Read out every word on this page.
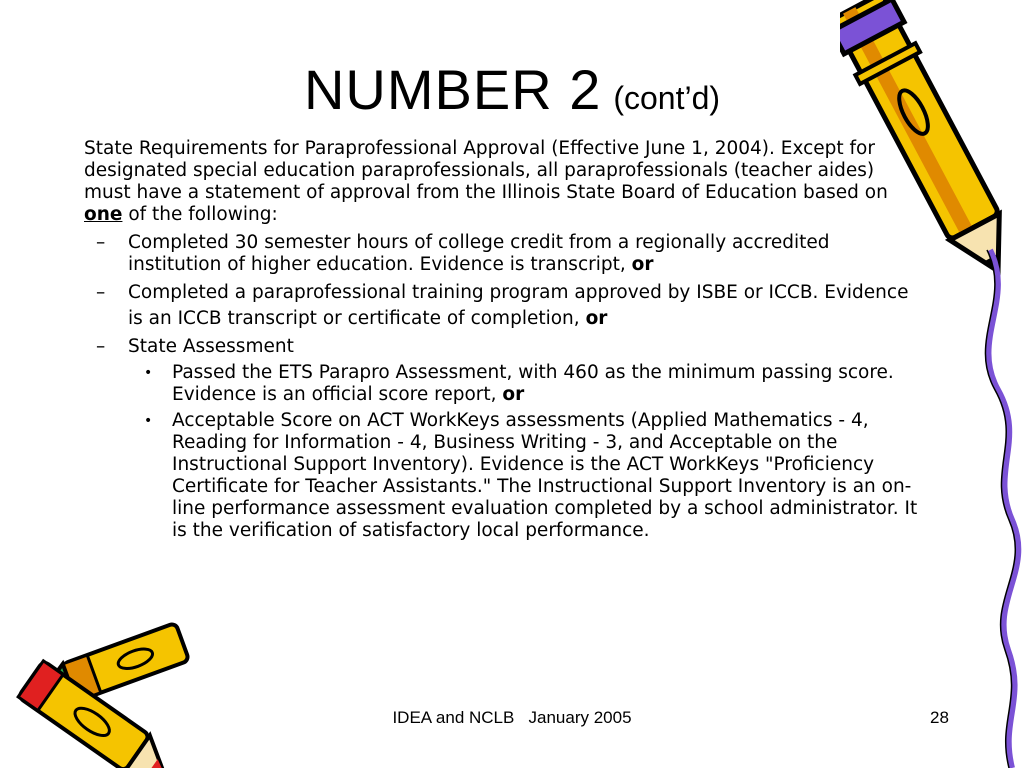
NUMBER 2 (cont’d)

State Requirements for Paraprofessional Approval (Effective June 1, 2004). Except for designated special education paraprofessionals, all paraprofessionals (teacher aides) must have a statement of approval from the Illinois State Board of Education based on one of the following:

– Completed 30 semester hours of college credit from a regionally accredited institution of higher education. Evidence is transcript, or
– Completed a paraprofessional training program approved by ISBE or ICCB. Evidence is an ICCB transcript or certificate of completion, or
– State Assessment
• Passed the ETS Parapro Assessment, with 460 as the minimum passing score. Evidence is an official score report, or
• Acceptable Score on ACT WorkKeys assessments (Applied Mathematics - 4, Reading for Information - 4, Business Writing - 3, and Acceptable on the Instructional Support Inventory). Evidence is the ACT WorkKeys "Proficiency Certificate for Teacher Assistants." The Instructional Support Inventory is an on-line performance assessment evaluation completed by a school administrator. It is the verification of satisfactory local performance.
IDEA and NCLB   January 2005	28
